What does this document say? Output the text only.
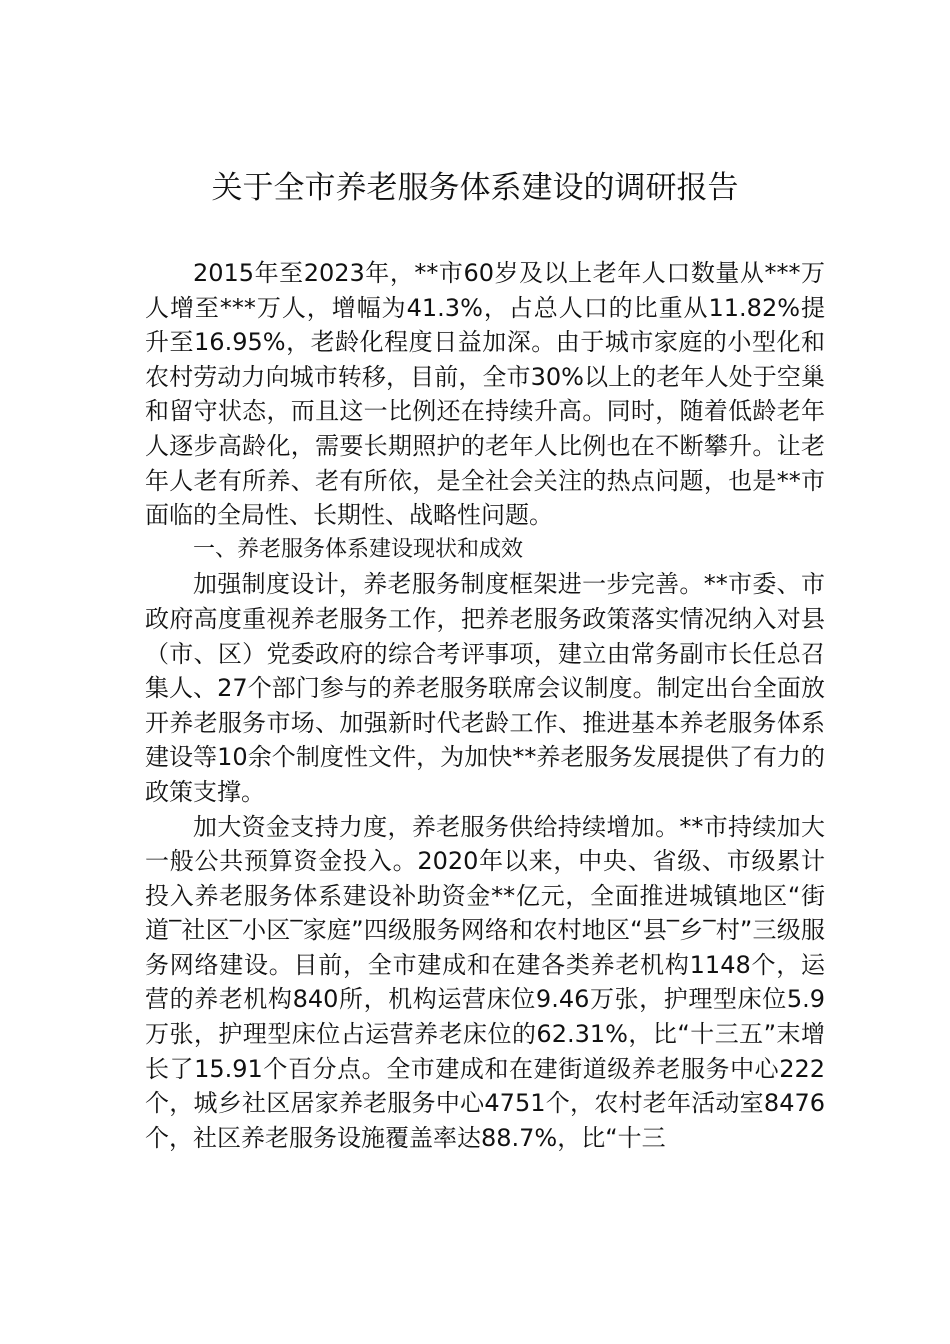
关于全市养老服务体系建设的调研报告

2015年至2023年，**市60岁及以上老年人口数量从***万人增至***万人，增幅为41.3%，占总人口的比重从11.82%提升至16.95%，老龄化程度日益加深。由于城市家庭的小型化和农村劳动力向城市转移，目前，全市30%以上的老年人处于空巢和留守状态，而且这一比例还在持续升高。同时，随着低龄老年人逐步高龄化，需要长期照护的老年人比例也在不断攀升。让老年人老有所养、老有所依，是全社会关注的热点问题，也是**市面临的全局性、长期性、战略性问题。

一、养老服务体系建设现状和成效

加强制度设计，养老服务制度框架进一步完善。**市委、市政府高度重视养老服务工作，把养老服务政策落实情况纳入对县（市、区）党委政府的综合考评事项，建立由常务副市长任总召集人、27个部门参与的养老服务联席会议制度。制定出台全面放开养老服务市场、加强新时代老龄工作、推进基本养老服务体系建设等10余个制度性文件，为加快**养老服务发展提供了有力的政策支撑。

加大资金支持力度，养老服务供给持续增加。**市持续加大一般公共预算资金投入。2020年以来，中央、省级、市级累计投入养老服务体系建设补助资金**亿元，全面推进城镇地区“街道‾社区‾小区‾家庭”四级服务网络和农村地区“县‾乡‾村”三级服务网络建设。目前，全市建成和在建各类养老机构1148个，运营的养老机构840所，机构运营床位9.46万张，护理型床位5.9万张，护理型床位占运营养老床位的62.31%，比“十三五”末增长了15.91个百分点。全市建成和在建街道级养老服务中心222个，城乡社区居家养老服务中心4751个，农村老年活动室8476个，社区养老服务设施覆盖率达88.7%，比“十三
